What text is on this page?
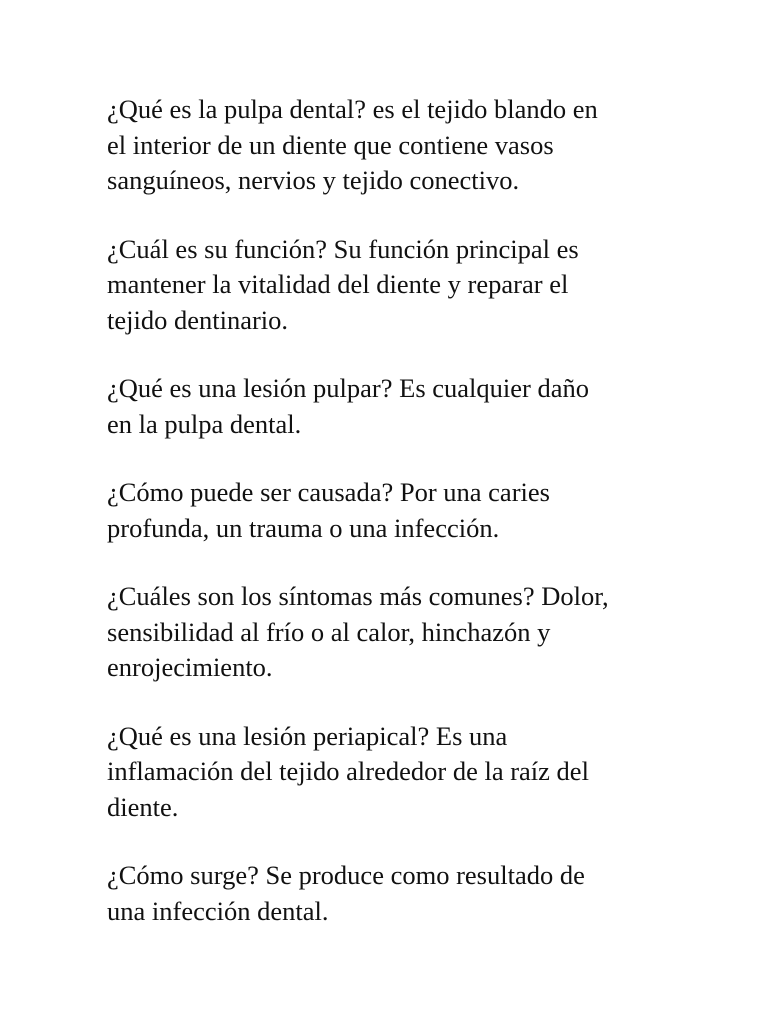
¿Qué es la pulpa dental? es el tejido blando en
el interior de un diente que contiene vasos
sanguíneos, nervios y tejido conectivo.

¿Cuál es su función? Su función principal es
mantener la vitalidad del diente y reparar el
tejido dentinario.

¿Qué es una lesión pulpar? Es cualquier daño
en la pulpa dental.

¿Cómo puede ser causada? Por una caries
profunda, un trauma o una infección.

¿Cuáles son los síntomas más comunes? Dolor,
sensibilidad al frío o al calor, hinchazón y
enrojecimiento.

¿Qué es una lesión periapical? Es una
inflamación del tejido alrededor de la raíz del
diente.

¿Cómo surge? Se produce como resultado de
una infección dental.
